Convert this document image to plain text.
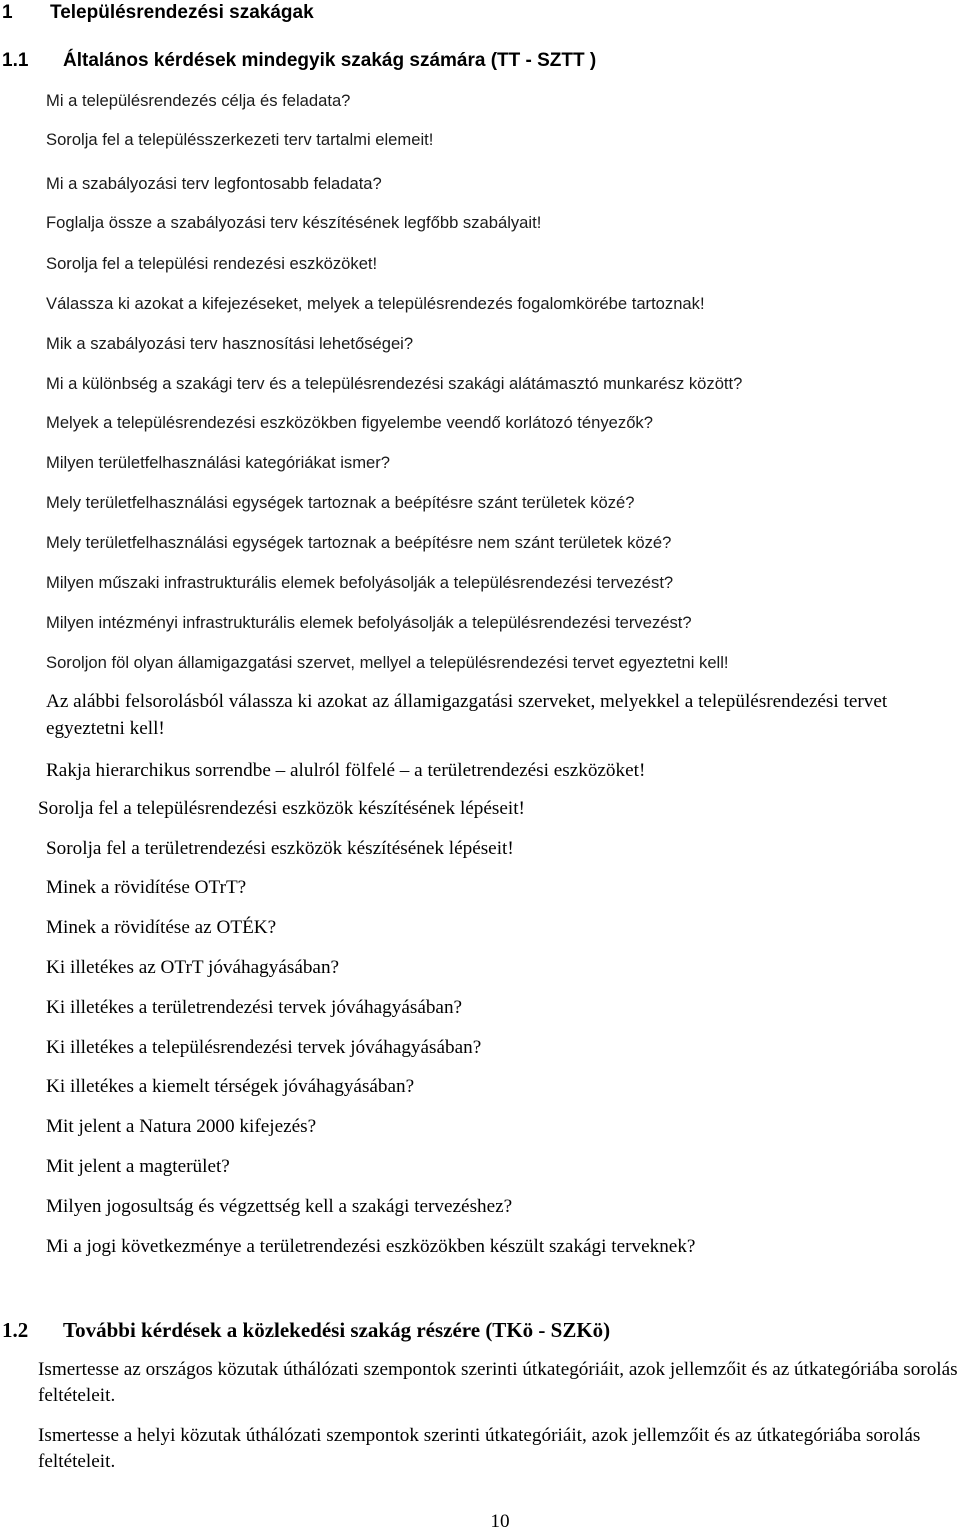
1 Településrendezési szakágak
1.1 Általános kérdések mindegyik szakág számára (TT - SZTT )
Mi a településrendezés célja és feladata?
Sorolja fel a településszerkezeti terv tartalmi elemeit!
Mi a szabályozási terv legfontosabb feladata?
Foglalja össze a szabályozási terv készítésének legfőbb szabályait!
Sorolja fel a települési rendezési eszközöket!
Válassza ki azokat a kifejezéseket, melyek a településrendezés fogalomkörébe tartoznak!
Mik a szabályozási terv hasznosítási lehetőségei?
Mi a különbség a szakági terv és a településrendezési szakági alátámasztó munkarész között?
Melyek a településrendezési eszközökben figyelembe veendő korlátozó tényezők?
Milyen területfelhasználási kategóriákat ismer?
Mely területfelhasználási egységek tartoznak a beépítésre szánt területek közé?
Mely területfelhasználási egységek tartoznak a beépítésre nem szánt területek közé?
Milyen műszaki infrastrukturális elemek befolyásolják a településrendezési tervezést?
Milyen intézményi infrastrukturális elemek befolyásolják a településrendezési tervezést?
Soroljon föl olyan államigazgatási szervet, mellyel a településrendezési tervet egyeztetni kell!
Az alábbi felsorolásból válassza ki azokat az államigazgatási szerveket, melyekkel a településrendezési tervet egyeztetni kell!
Rakja hierarchikus sorrendbe – alulról fölfelé – a területrendezési eszközöket!
Sorolja fel a településrendezési eszközök készítésének lépéseit!
Sorolja fel a területrendezési eszközök készítésének lépéseit!
Minek a rövidítése OTrT?
Minek a rövidítése az OTÉK?
Ki illetékes az OTrT jóváhagyásában?
Ki illetékes a területrendezési tervek jóváhagyásában?
Ki illetékes a településrendezési tervek jóváhagyásában?
Ki illetékes a kiemelt térségek jóváhagyásában?
Mit jelent a Natura 2000 kifejezés?
Mit jelent a magterület?
Milyen jogosultság és végzettség kell a szakági tervezéshez?
Mi a jogi következménye a területrendezési eszközökben készült szakági terveknek?
1.2 További kérdések a közlekedési szakág részére (TKö - SZKö)
Ismertesse az országos közutak úthálózati szempontok szerinti útkategóriáit, azok jellemzőit és az útkategóriába sorolás feltételeit.
Ismertesse a helyi közutak úthálózati szempontok szerinti útkategóriáit, azok jellemzőit és az útkategóriába sorolás feltételeit.
10
